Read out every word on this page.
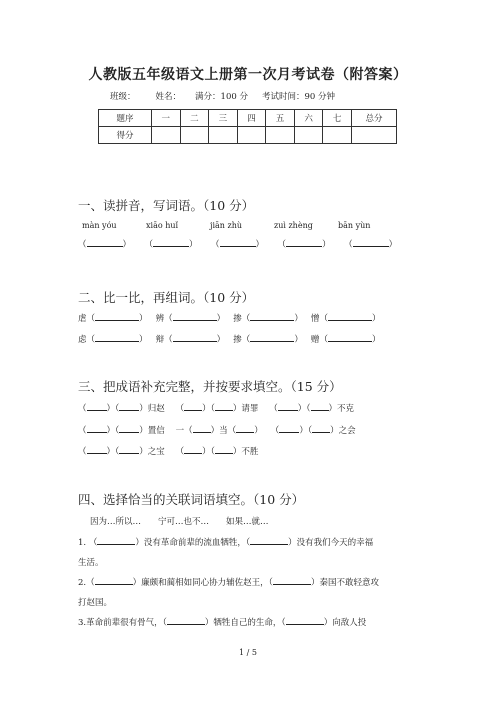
人教版五年级语文上册第一次月考试卷（附答案）
班级： 姓名： 满分：100 分 考试时间：90 分钟
题序	一	二	三	四	五	六	七	总分
得分								
一、读拼音，写词语。（10 分）
màn yóu	xiāo huǐ	jiān zhù	zuì zhèng	bān yùn
（	）     （	）     （	）     （	）     （	）
二、比一比，再组词。（10 分）
虐（	）   辨（	）   掺（	）   憎（	）
虑（	）   辩（	）   掺（	）   赠（	）
三、把成语补充完整，并按要求填空。（15 分）
（ ）（ ）归赵    （ ）（ ）请罪    （ ）（ ）不克
（ ）（ ）置信 一（ ）当（ ）   （ ）（ ）之会
（ ）（ ）之宝    （ ）（ ）不胜
四、选择恰当的关联词语填空。（10 分）
因为…所以…　　宁可…也不…　　如果…就…
1. （	）没有革命前辈的流血牺牲，（	）没有我们今天的幸福
生活。
2.（	）廉颇和蔺相如同心协力辅佐赵王，（	）秦国不敢轻意攻
打赵国。
3.革命前辈很有骨气，（	）牺牲自己的生命，（	）向敌人投
1 / 5
